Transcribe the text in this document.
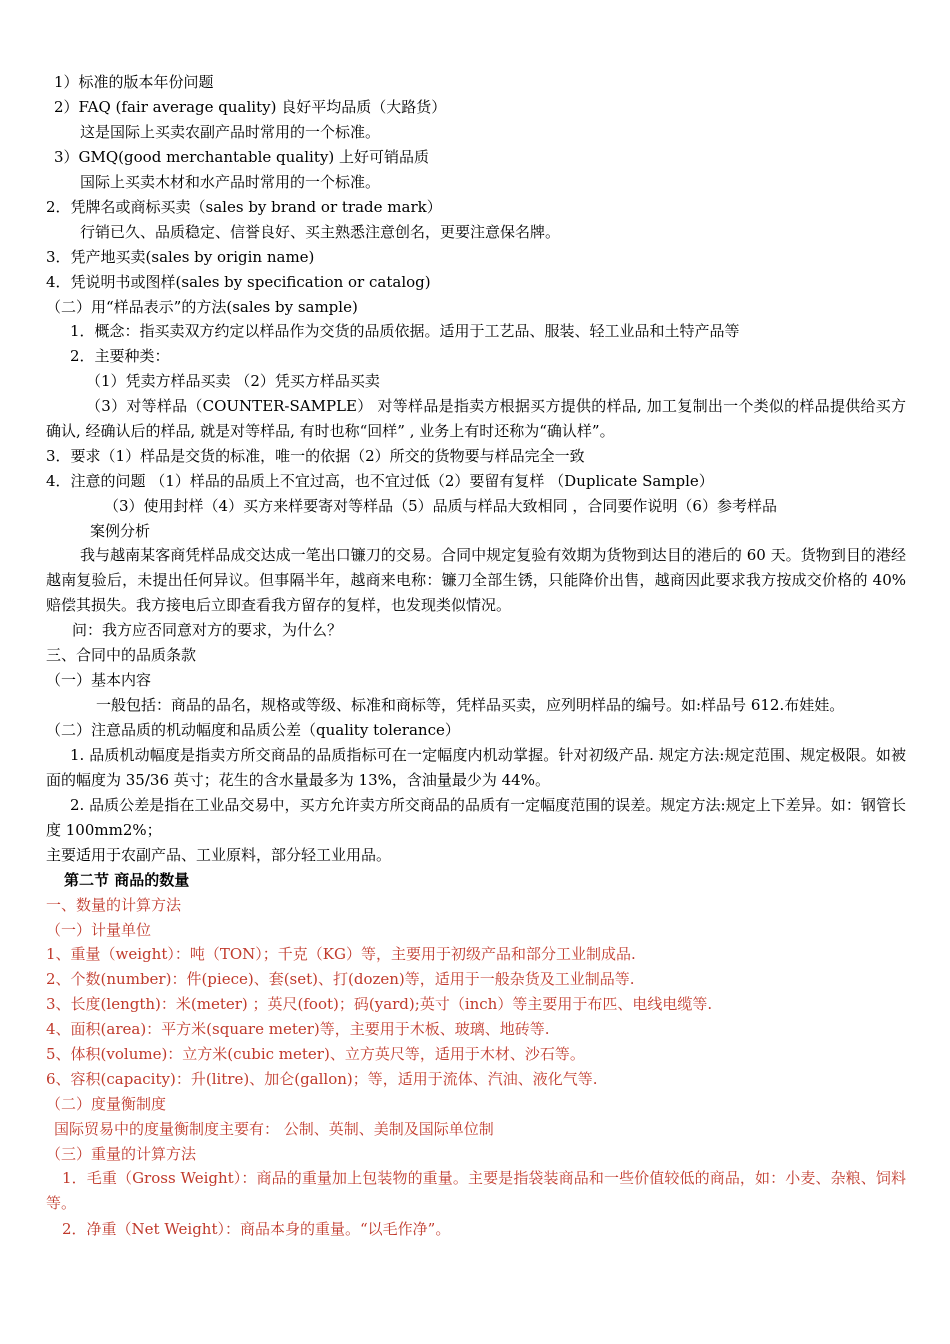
1）标准的版本年份问题
2）FAQ (fair average quality) 良好平均品质（大路货）
这是国际上买卖农副产品时常用的一个标准。
3）GMQ(good merchantable quality) 上好可销品质
国际上买卖木材和水产品时常用的一个标准。
2．凭牌名或商标买卖（sales by brand or trade mark）
行销已久、品质稳定、信誉良好、买主熟悉注意创名，更要注意保名牌。
3．凭产地买卖(sales by origin name)
4．凭说明书或图样(sales by specification or catalog)
（二）用“样品表示”的方法(sales by sample)
1．概念：指买卖双方约定以样品作为交货的品质依据。适用于工艺品、服装、轻工业品和土特产品等
2．主要种类：
（1）凭卖方样品买卖 （2）凭买方样品买卖
（3）对等样品（COUNTER-SAMPLE） 对等样品是指卖方根据买方提供的样品, 加工复制出一个类似的样品提供给买方确认, 经确认后的样品, 就是对等样品, 有时也称“回样” , 业务上有时还称为“确认样”。
3．要求（1）样品是交货的标准，唯一的依据（2）所交的货物要与样品完全一致
4．注意的问题 （1）样品的品质上不宜过高，也不宜过低（2）要留有复样 （Duplicate Sample）
（3）使用封样（4）买方来样要寄对等样品（5）品质与样品大致相同 ，合同要作说明（6）参考样品
案例分析
我与越南某客商凭样品成交达成一笔出口镰刀的交易。合同中规定复验有效期为货物到达目的港后的 60 天。货物到目的港经越南复验后，未提出任何异议。但事隔半年，越商来电称：镰刀全部生锈，只能降价出售，越商因此要求我方按成交价格的 40%赔偿其损失。我方接电后立即查看我方留存的复样，也发现类似情况。
问：我方应否同意对方的要求，为什么？
三、合同中的品质条款
（一）基本内容
一般包括：商品的品名，规格或等级、标准和商标等，凭样品买卖，应列明样品的编号。如:样品号 612.布娃娃。
（二）注意品质的机动幅度和品质公差（quality tolerance）
1. 品质机动幅度是指卖方所交商品的品质指标可在一定幅度内机动掌握。针对初级产品. 规定方法:规定范围、规定极限。如被面的幅度为 35/36 英寸；花生的含水量最多为 13%，含油量最少为 44%。
2. 品质公差是指在工业品交易中，买方允许卖方所交商品的品质有一定幅度范围的误差。规定方法:规定上下差异。如：钢管长度 100mm2%；
主要适用于农副产品、工业原料，部分轻工业用品。
第二节 商品的数量
一、数量的计算方法
（一）计量单位
1、重量（weight）：吨（TON）；千克（KG）等，主要用于初级产品和部分工业制成品.
2、个数(number)：件(piece)、套(set)、打(dozen)等，适用于一般杂货及工业制品等.
3、长度(length)：米(meter) ；英尺(foot)；码(yard);英寸（inch）等主要用于布匹、电线电缆等.
4、面积(area)：平方米(square meter)等，主要用于木板、玻璃、地砖等.
5、体积(volume)：立方米(cubic meter)、立方英尺等，适用于木材、沙石等。
6、容积(capacity)：升(litre)、加仑(gallon)；等，适用于流体、汽油、液化气等.
（二）度量衡制度
国际贸易中的度量衡制度主要有： 公制、英制、美制及国际单位制
（三）重量的计算方法
1．毛重（Gross Weight）：商品的重量加上包装物的重量。主要是指袋装商品和一些价值较低的商品，如：小麦、杂粮、饲料等。
2．净重（Net Weight）：商品本身的重量。“以毛作净”。
